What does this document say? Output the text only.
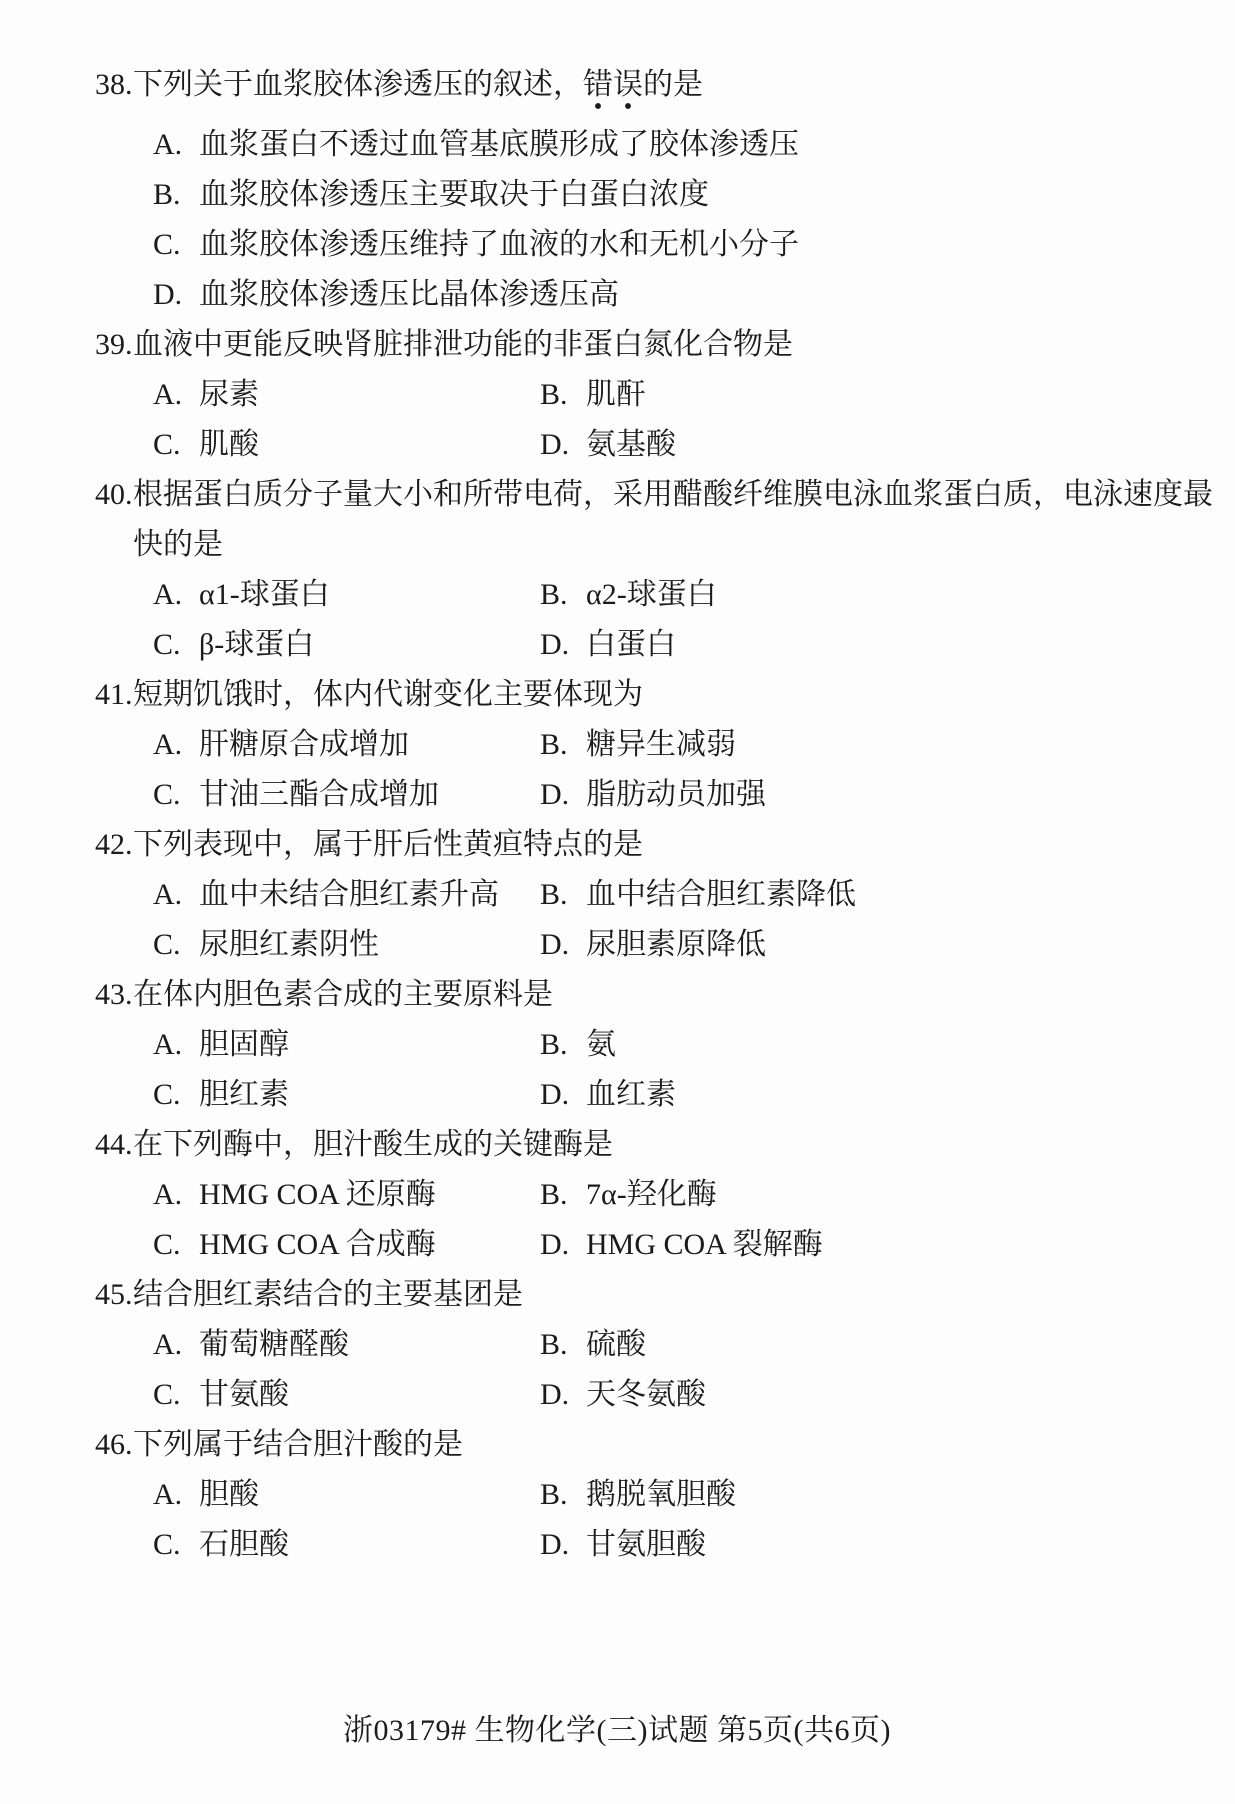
38. 下列关于血浆胶体渗透压的叙述，错误的是
A. 血浆蛋白不透过血管基底膜形成了胶体渗透压
B. 血浆胶体渗透压主要取决于白蛋白浓度
C. 血浆胶体渗透压维持了血液的水和无机小分子
D. 血浆胶体渗透压比晶体渗透压高
39. 血液中更能反映肾脏排泄功能的非蛋白氮化合物是
A. 尿素	B. 肌酐
C. 肌酸	D. 氨基酸
40. 根据蛋白质分子量大小和所带电荷，采用醋酸纤维膜电泳血浆蛋白质，电泳速度最快的是
A. α1-球蛋白	B. α2-球蛋白
C. β-球蛋白	D. 白蛋白
41. 短期饥饿时，体内代谢变化主要体现为
A. 肝糖原合成增加	B. 糖异生减弱
C. 甘油三酯合成增加	D. 脂肪动员加强
42. 下列表现中，属于肝后性黄疸特点的是
A. 血中未结合胆红素升高 B. 血中结合胆红素降低
C. 尿胆红素阴性	D. 尿胆素原降低
43. 在体内胆色素合成的主要原料是
A. 胆固醇	B. 氨
C. 胆红素	D. 血红素
44. 在下列酶中，胆汁酸生成的关键酶是
A. HMG COA 还原酶	B. 7α-羟化酶
C. HMG COA 合成酶	D. HMG COA 裂解酶
45. 结合胆红素结合的主要基团是
A. 葡萄糖醛酸	B. 硫酸
C. 甘氨酸	D. 天冬氨酸
46. 下列属于结合胆汁酸的是
A. 胆酸	B. 鹅脱氧胆酸
C. 石胆酸	D. 甘氨胆酸
浙03179# 生物化学(三)试题 第5页(共6页)
